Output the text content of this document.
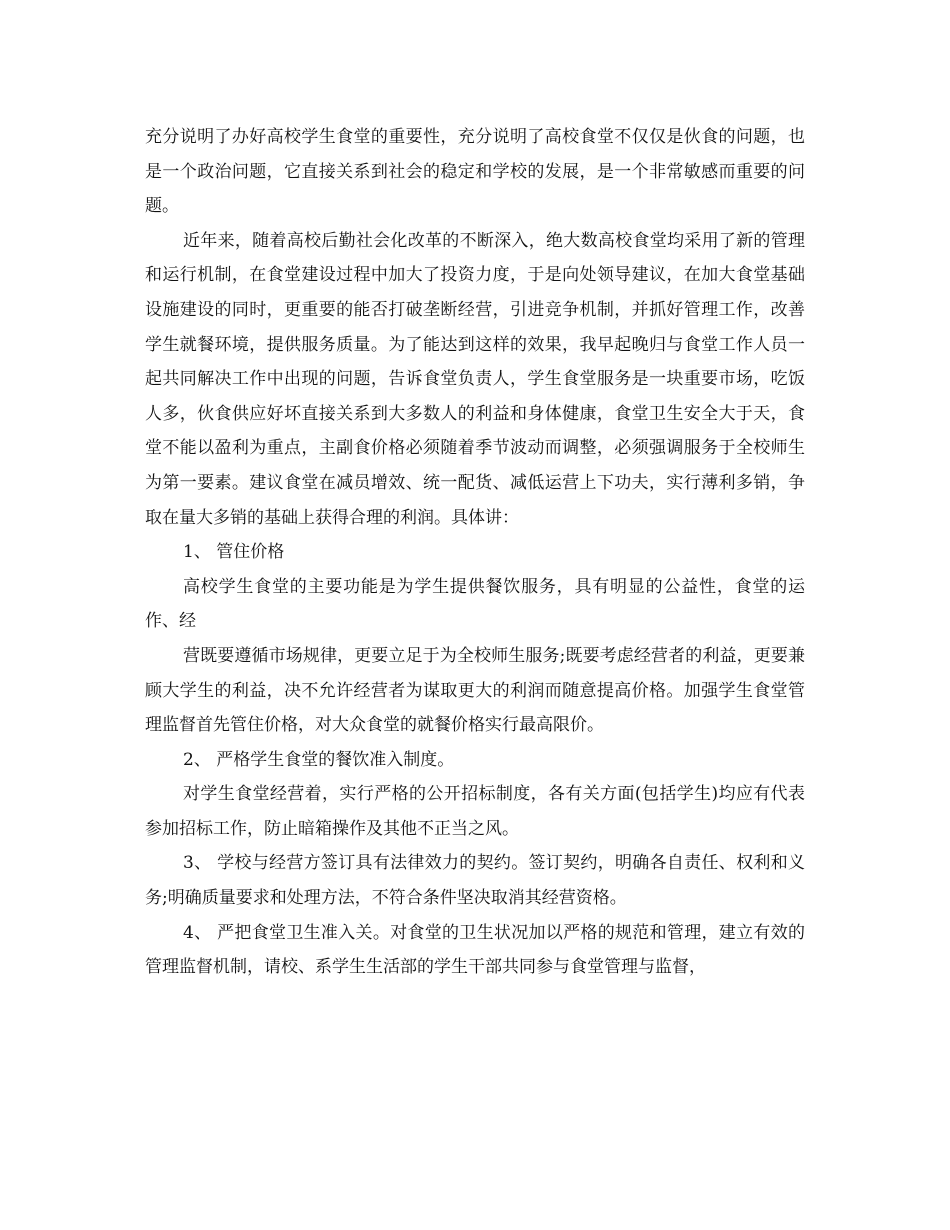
充分说明了办好高校学生食堂的重要性，充分说明了高校食堂不仅仅是伙食的问题，也是一个政治问题，它直接关系到社会的稳定和学校的发展，是一个非常敏感而重要的问题。

近年来，随着高校后勤社会化改革的不断深入，绝大数高校食堂均采用了新的管理和运行机制，在食堂建设过程中加大了投资力度，于是向处领导建议，在加大食堂基础设施建设的同时，更重要的能否打破垄断经营，引进竞争机制，并抓好管理工作，改善学生就餐环境，提供服务质量。为了能达到这样的效果，我早起晚归与食堂工作人员一起共同解决工作中出现的问题，告诉食堂负责人，学生食堂服务是一块重要市场，吃饭人多，伙食供应好坏直接关系到大多数人的利益和身体健康，食堂卫生安全大于天，食堂不能以盈利为重点，主副食价格必须随着季节波动而调整，必须强调服务于全校师生为第一要素。建议食堂在减员增效、统一配货、减低运营上下功夫，实行薄利多销，争取在量大多销的基础上获得合理的利润。具体讲：

1、 管住价格

高校学生食堂的主要功能是为学生提供餐饮服务，具有明显的公益性，食堂的运作、经

营既要遵循市场规律，更要立足于为全校师生服务;既要考虑经营者的利益，更要兼顾大学生的利益，决不允许经营者为谋取更大的利润而随意提高价格。加强学生食堂管理监督首先管住价格，对大众食堂的就餐价格实行最高限价。

2、 严格学生食堂的餐饮准入制度。

对学生食堂经营着，实行严格的公开招标制度，各有关方面(包括学生)均应有代表参加招标工作，防止暗箱操作及其他不正当之风。

3、 学校与经营方签订具有法律效力的契约。签订契约，明确各自责任、权利和义务;明确质量要求和处理方法，不符合条件坚决取消其经营资格。

4、 严把食堂卫生准入关。对食堂的卫生状况加以严格的规范和管理，建立有效的管理监督机制，请校、系学生生活部的学生干部共同参与食堂管理与监督，
